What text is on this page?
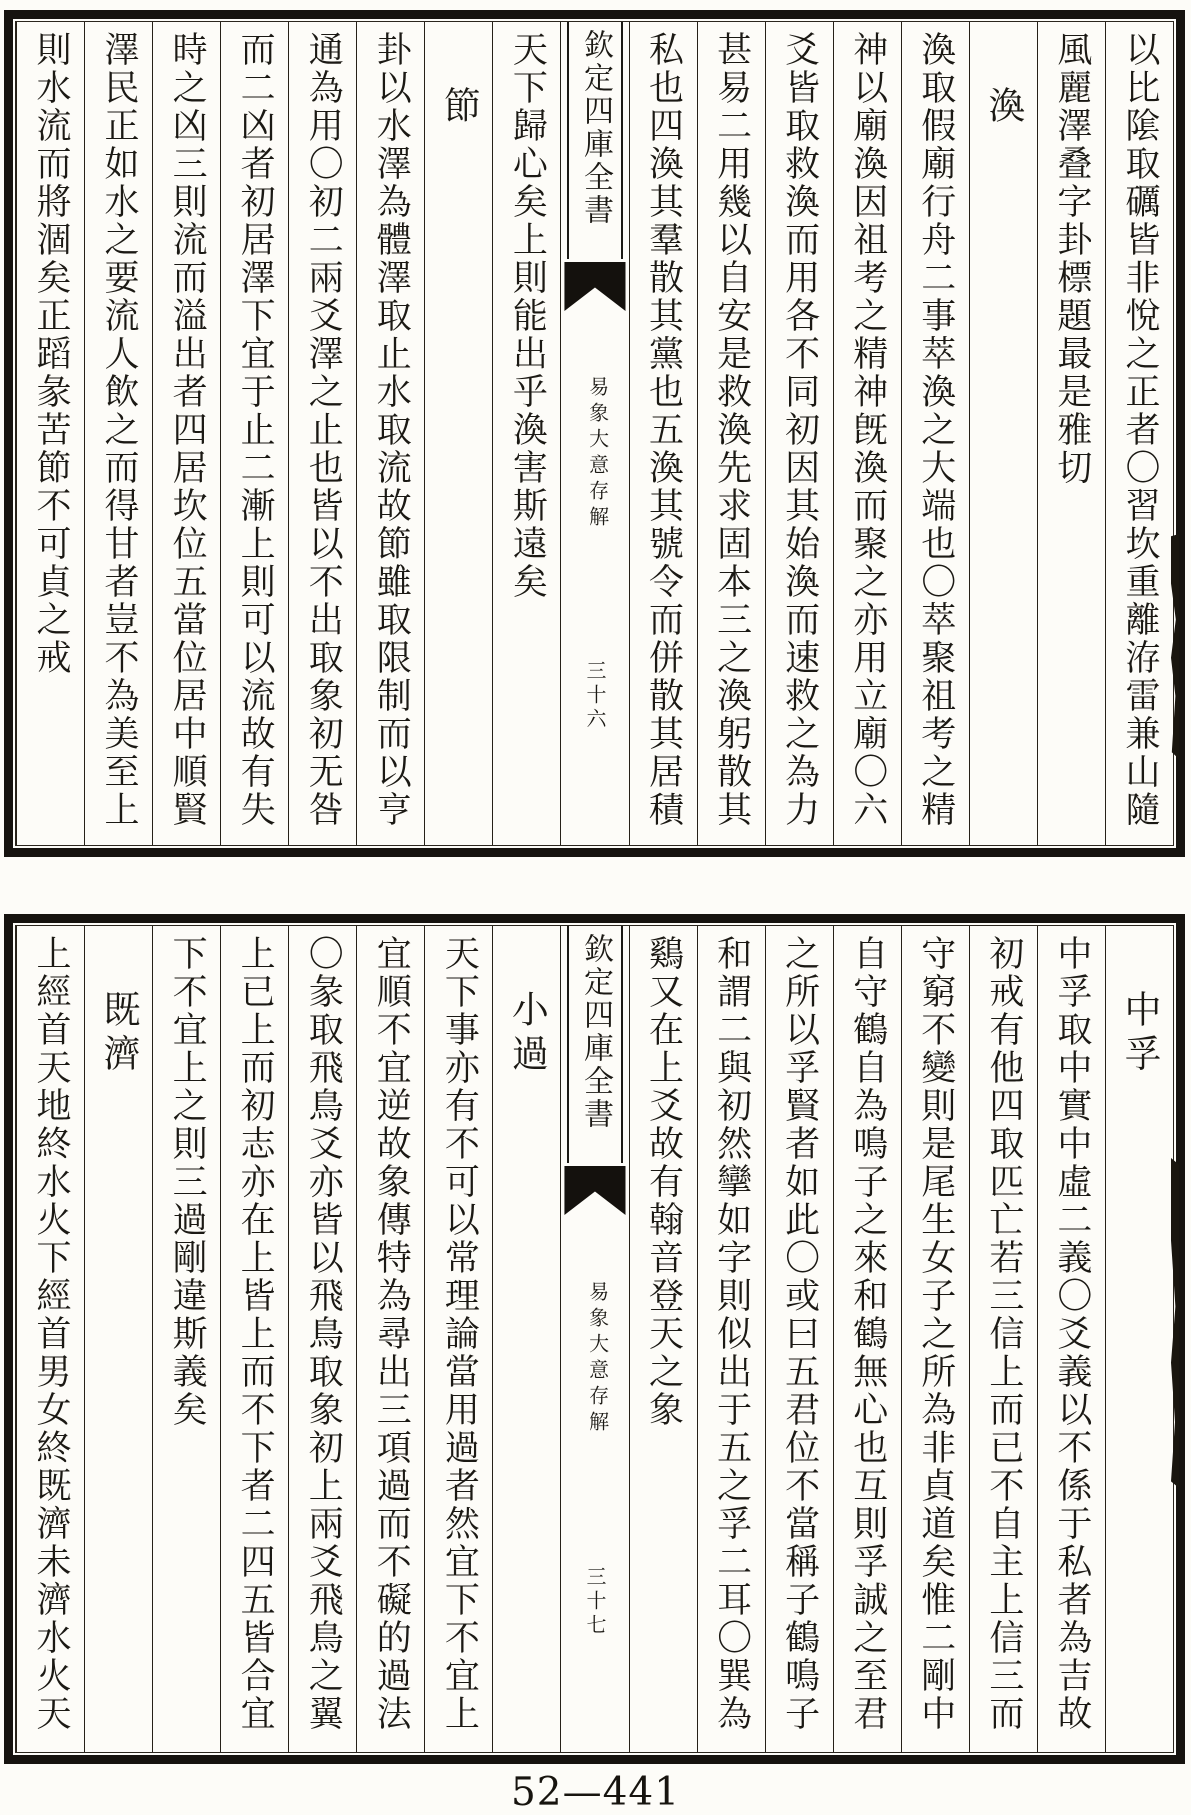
以比隂取礪皆非悅之正者〇習坎重離洊雷兼山隨
風麗澤叠字卦標題最是雅切
渙
渙取假廟行舟二事萃渙之大端也〇萃聚祖考之精
神以廟渙因祖考之精神旣渙而聚之亦用立廟〇六
爻皆取救渙而用各不同初因其始渙而速救之為力
甚易二用幾以自安是救渙先求固本三之渙躬散其
私也四渙其羣散其黨也五渙其號令而併散其居積
欽定四庫全書
易象大意存解
三十六
天下歸心矣上則能出乎渙害斯遠矣
節
卦以水澤為體澤取止水取流故節雖取限制而以亨
通為用〇初二兩爻澤之止也皆以不出取象初无咎
而二凶者初居澤下宜于止二漸上則可以流故有失
時之凶三則流而溢出者四居坎位五當位居中順賢
澤民正如水之要流人飲之而得甘者豈不為美至上
則水流而將涸矣正蹈彖苦節不可貞之戒
中孚
中孚取中實中虛二義〇爻義以不係于私者為吉故
初戒有他四取匹亡若三信上而已不自主上信三而
守窮不變則是尾生女子之所為非貞道矣惟二剛中
自守鶴自為鳴子之來和鶴無心也互則孚誠之至君
之所以孚賢者如此〇或曰五君位不當稱子鶴鳴子
和謂二與初然攣如字則似出于五之孚二耳〇巽為
鷄又在上爻故有翰音登天之象
欽定四庫全書
易象大意存解
三十七
小過
天下事亦有不可以常理論當用過者然宜下不宜上
宜順不宜逆故象傳特為尋出三項過而不礙的過法
〇彖取飛鳥爻亦皆以飛鳥取象初上兩爻飛鳥之翼
上已上而初志亦在上皆上而不下者二四五皆合宜
下不宜上之則三過剛違斯義矣
既濟
上經首天地終水火下經首男女終既濟未濟水火天
52—441
